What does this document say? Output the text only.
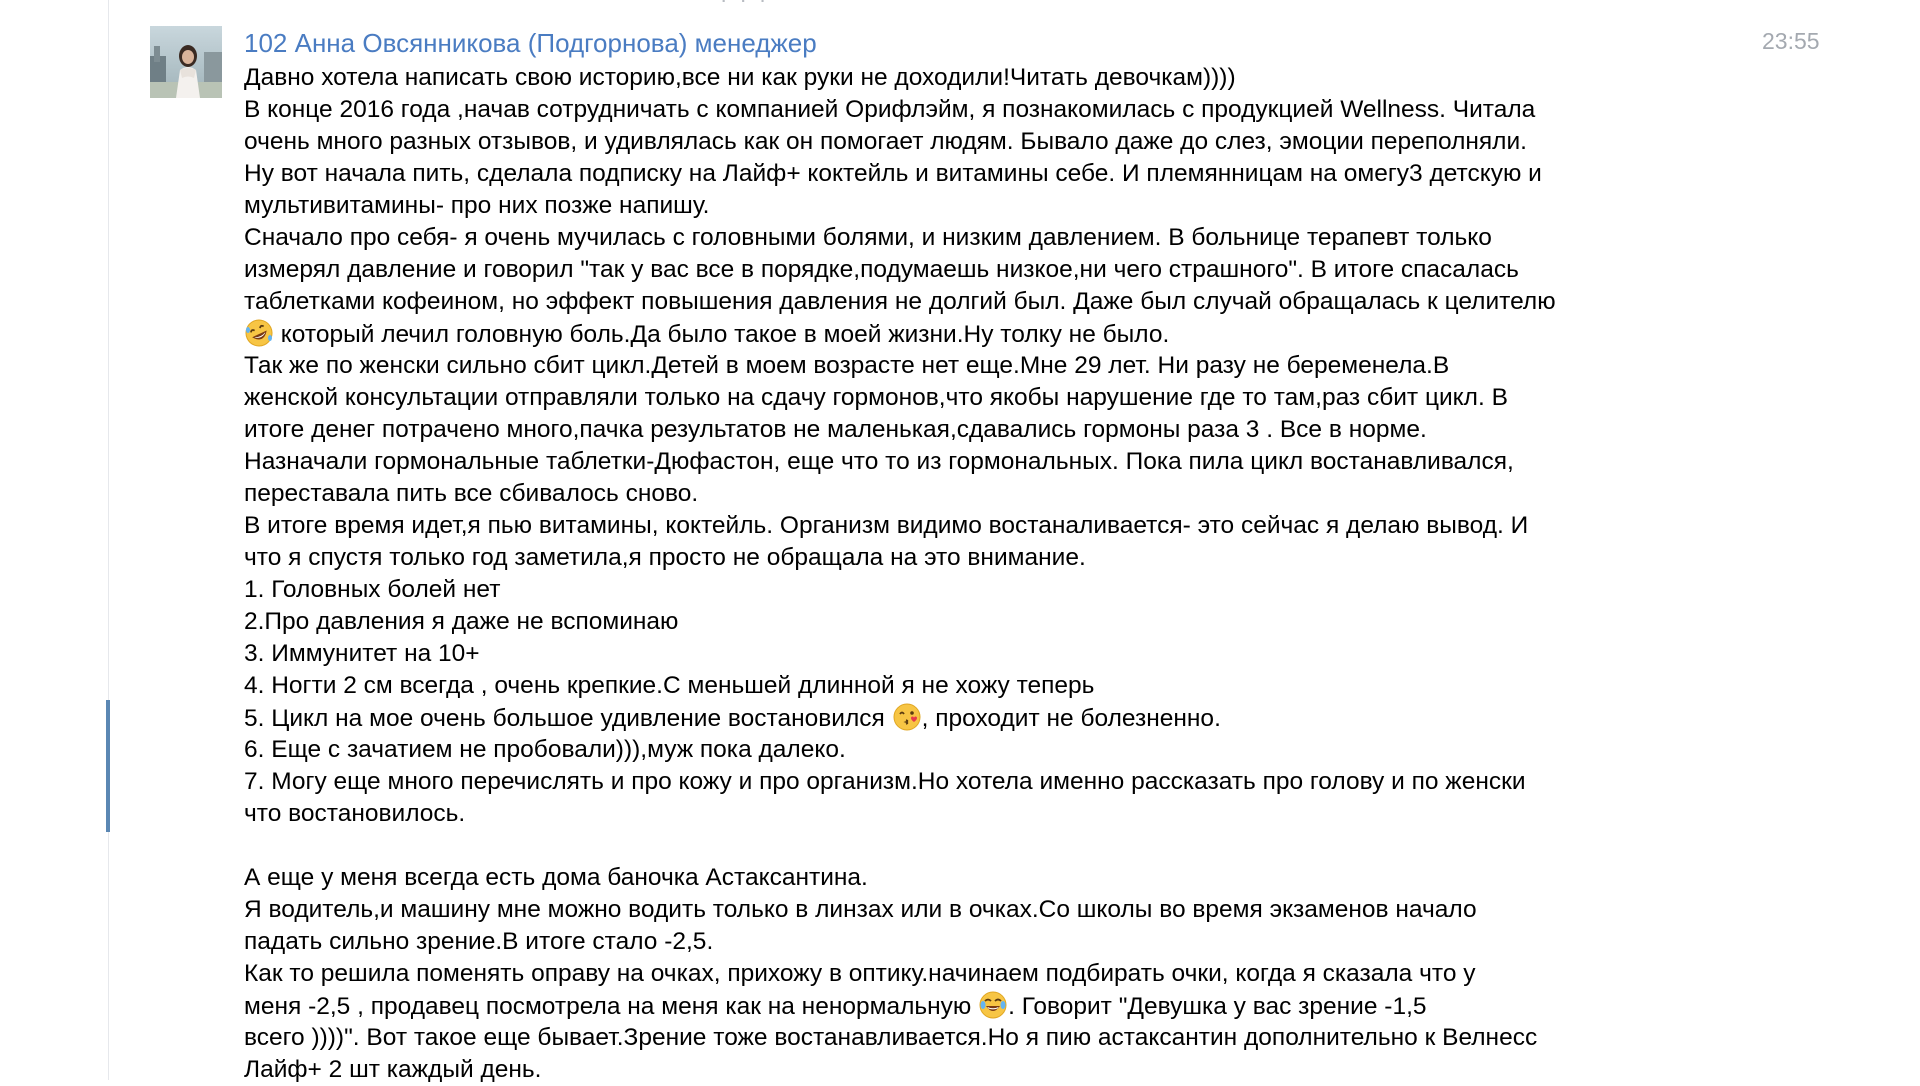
23:55
102 Анна Овсянникова (Подгорнова) менеджер

Давно хотела написать свою историю,все ни как руки не доходили!Читать девочкам))))

В конце 2016 года ,начав сотрудничать с компанией Орифлэйм, я познакомилась с продукцией Wellness. Читала

очень много разных отзывов, и удивлялась как он помогает людям. Бывало даже до слез, эмоции переполняли.

Ну вот начала пить, сделала подписку на Лайф+ коктейль и витамины себе. И племянницам на омегу3 детскую и

мультивитамины- про них позже напишу.

Сначало про себя- я очень мучилась с головными болями, и низким давлением. В больнице терапевт только

измерял давление и говорил "так у вас все в порядке,подумаешь низкое,ни чего страшного". В итоге спасалась

таблетками кофеином, но эффект повышения давления не долгий был. Даже был случай обращалась к целителю

который лечил головную боль.Да было такое в моей жизни.Ну толку не было.

Так же по женски сильно сбит цикл.Детей в моем возрасте нет еще.Мне 29 лет. Ни разу не беременела.В

женской консультации отправляли только на сдачу гормонов,что якобы нарушение где то там,раз сбит цикл. В

итоге денег потрачено много,пачка результатов не маленькая,сдавались гормоны раза 3 . Все в норме.

Назначали гормональные таблетки-Дюфастон, еще что то из гормональных. Пока пила цикл востанавливался,

переставала пить все сбивалось сново.

В итоге время идет,я пью витамины, коктейль. Организм видимо востаналивается- это сейчас я делаю вывод. И

что я спустя только год заметила,я просто не обращала на это внимание.

1. Головных болей нет

2.Про давления я даже не вспоминаю

3. Иммунитет на 10+

4. Ногти 2 см всегда , очень крепкие.С меньшей длинной я не хожу теперь

5. Цикл на мое очень большое удивление востановился
, проходит не болезненно.

6. Еще с зачатием не пробовали))),муж пока далеко.

7. Могу еще много перечислять и про кожу и про организм.Но хотела именно рассказать про голову и по женски

что востановилось.

А еще у меня всегда есть дома баночка Астаксантина.

Я водитель,и машину мне можно водить только в линзах или в очках.Со школы во время экзаменов начало

падать сильно зрение.В итоге стало -2,5.

Как то решила поменять оправу на очках, прихожу в оптику.начинаем подбирать очки, когда я сказала что у

меня -2,5 , продавец посмотрела на меня как на ненормальную
. Говорит "Девушка у вас зрение -1,5

всего ))))". Вот такое еще бывает.Зрение тоже востанавливается.Но я пию астаксантин дополнительно к Велнесс

Лайф+ 2 шт каждый день.
